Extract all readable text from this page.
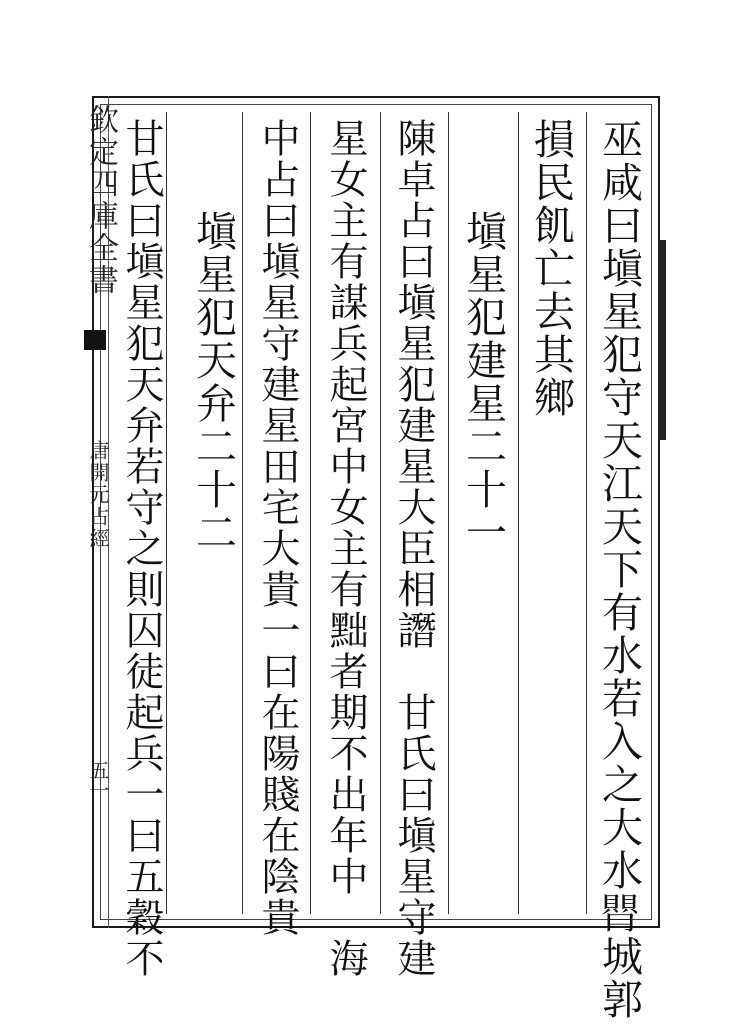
巫咸曰塡星犯守天江天下有水若入之大水𦡺城郭
損民飢亡去其鄉
塡星犯建星二十一
陳卓占曰塡星犯建星大臣相譖　甘氏曰塡星守建
星女主有謀兵起宮中女主有黜者期不出年中　海
中占曰塡星守建星田宅大貴一曰在陽賤在陰貴
塡星犯天弁二十二
甘氏曰塡星犯天弁若守之則囚徒起兵一曰五穀不
欽定四庫全書
唐開元占經
五一
